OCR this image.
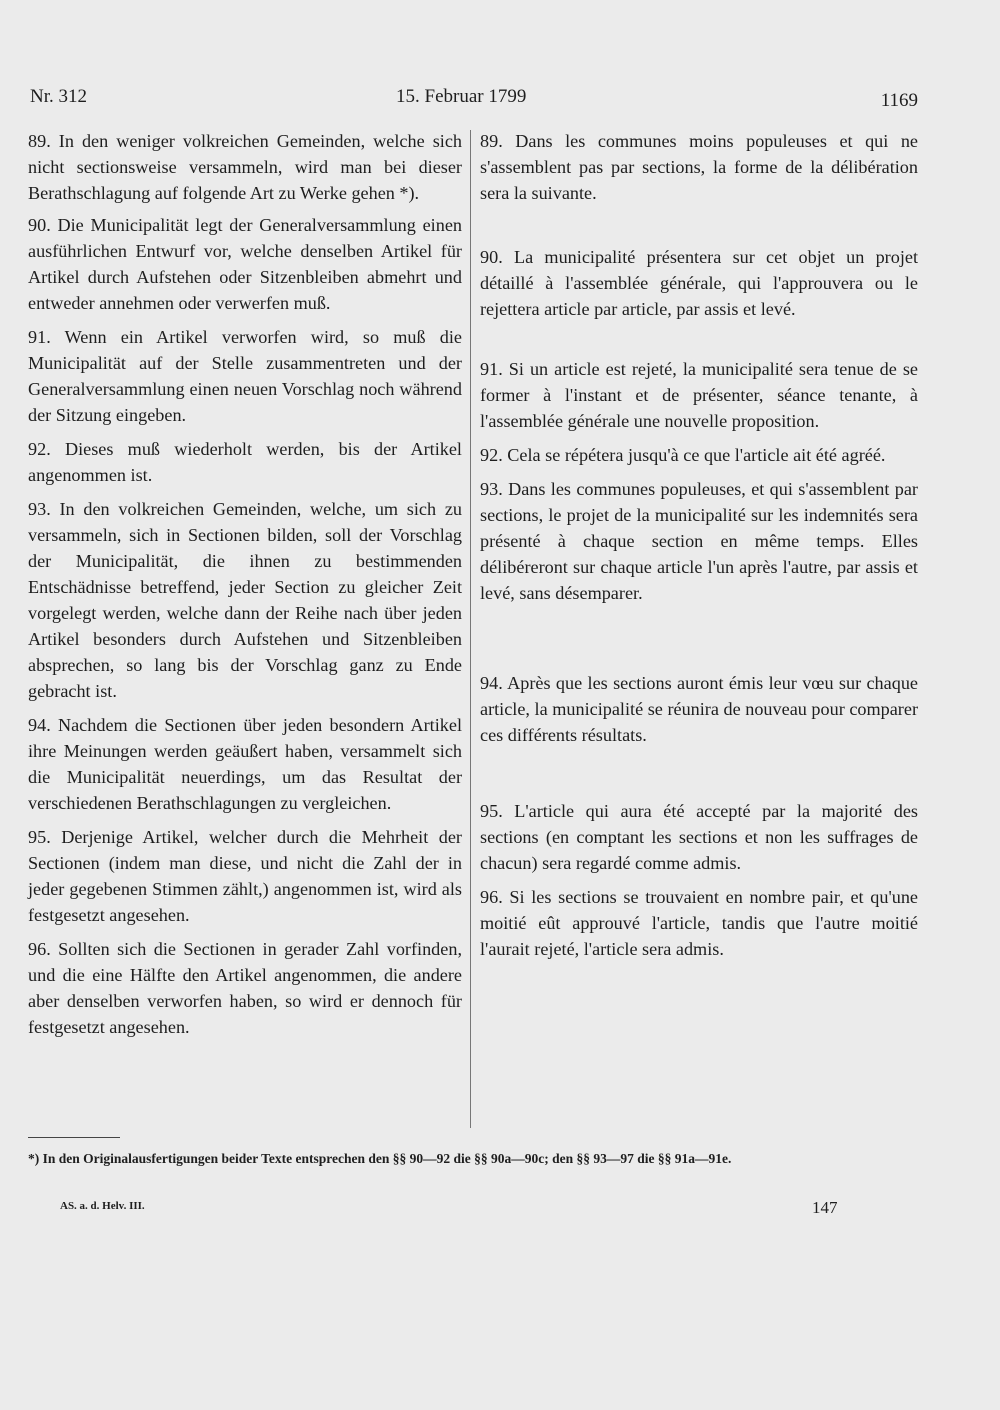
Nr. 312	15. Februar 1799	1169

89. In den weniger volkreichen Gemeinden, welche sich nicht sectionsweise versammeln, wird man bei dieser Berathschlagung auf folgende Art zu Werke gehen *).

90. Die Municipalität legt der Generalversammlung einen ausführlichen Entwurf vor, welche denselben Artikel für Artikel durch Aufstehen oder Sitzenbleiben abmehrt und entweder annehmen oder verwerfen muß.

91. Wenn ein Artikel verworfen wird, so muß die Municipalität auf der Stelle zusammentreten und der Generalversammlung einen neuen Vorschlag noch während der Sitzung eingeben.

92. Dieses muß wiederholt werden, bis der Artikel angenommen ist.

93. In den volkreichen Gemeinden, welche, um sich zu versammeln, sich in Sectionen bilden, soll der Vorschlag der Municipalität, die ihnen zu bestimmenden Entschädnisse betreffend, jeder Section zu gleicher Zeit vorgelegt werden, welche dann der Reihe nach über jeden Artikel besonders durch Aufstehen und Sitzenbleiben absprechen, so lang bis der Vorschlag ganz zu Ende gebracht ist.

94. Nachdem die Sectionen über jeden besondern Artikel ihre Meinungen werden geäußert haben, versammelt sich die Municipalität neuerdings, um das Resultat der verschiedenen Berathschlagungen zu vergleichen.

95. Derjenige Artikel, welcher durch die Mehrheit der Sectionen (indem man diese, und nicht die Zahl der in jeder gegebenen Stimmen zählt,) angenommen ist, wird als festgesetzt angesehen.

96. Sollten sich die Sectionen in gerader Zahl vorfinden, und die eine Hälfte den Artikel angenommen, die andere aber denselben verworfen haben, so wird er dennoch für festgesetzt angesehen.

89. Dans les communes moins populeuses et qui ne s'assemblent pas par sections, la forme de la délibération sera la suivante.

90. La municipalité présentera sur cet objet un projet détaillé à l'assemblée générale, qui l'approuvera ou le rejettera article par article, par assis et levé.

91. Si un article est rejeté, la municipalité sera tenue de se former à l'instant et de présenter, séance tenante, à l'assemblée générale une nouvelle proposition.

92. Cela se répétera jusqu'à ce que l'article ait été agréé.

93. Dans les communes populeuses, et qui s'assemblent par sections, le projet de la municipalité sur les indemnités sera présenté à chaque section en même temps. Elles délibéreront sur chaque article l'un après l'autre, par assis et levé, sans désemparer.

94. Après que les sections auront émis leur vœu sur chaque article, la municipalité se réunira de nouveau pour comparer ces différents résultats.

95. L'article qui aura été accepté par la majorité des sections (en comptant les sections et non les suffrages de chacun) sera regardé comme admis.

96. Si les sections se trouvaient en nombre pair, et qu'une moitié eût approuvé l'article, tandis que l'autre moitié l'aurait rejeté, l'article sera admis.

*) In den Originalausfertigungen beider Texte entsprechen den §§ 90—92 die §§ 90a—90c; den §§ 93—97 die §§ 91a—91e.
AS. a. d. Helv. III.	147
